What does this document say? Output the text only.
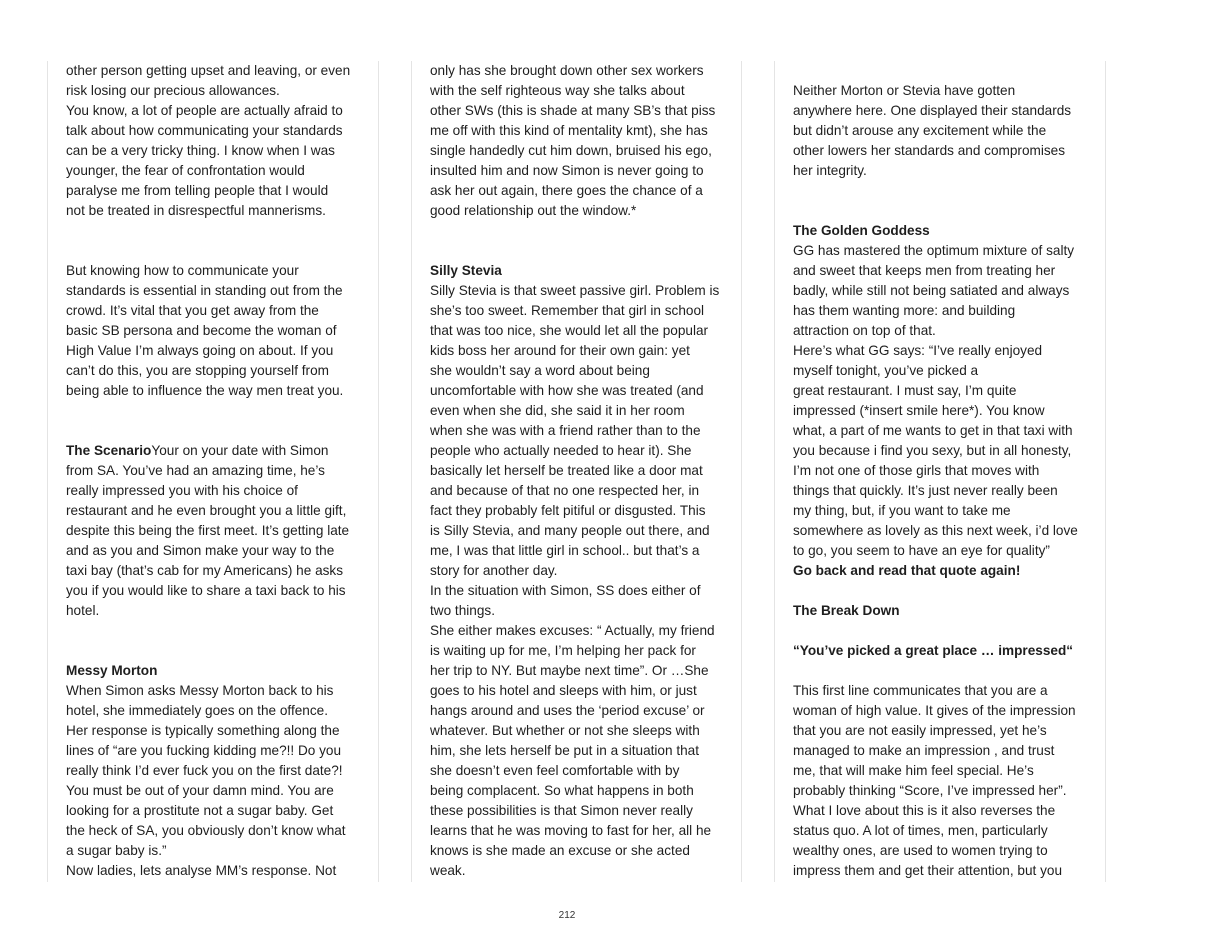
other person getting upset and leaving, or even
risk losing our precious allowances.
You know, a lot of people are actually afraid to
talk about how communicating your standards
can be a very tricky thing. I know when I was
younger, the fear of confrontation would
paralyse me from telling people that I would
not be treated in disrespectful mannerisms.
But knowing how to communicate your
standards is essential in standing out from the
crowd. It’s vital that you get away from the
basic SB persona and become the woman of
High Value I’m always going on about. If you
can’t do this, you are stopping yourself from
being able to influence the way men treat you.
The ScenarioYour on your date with Simon
from SA. You’ve had an amazing time, he’s
really impressed you with his choice of
restaurant and he even brought you a little gift,
despite this being the first meet. It’s getting late
and as you and Simon make your way to the
taxi bay (that’s cab for my Americans) he asks
you if you would like to share a taxi back to his
hotel.
Messy Morton
When Simon asks Messy Morton back to his
hotel, she immediately goes on the offence.
Her response is typically something along the
lines of “are you fucking kidding me?!! Do you
really think I’d ever fuck you on the first date?!
You must be out of your damn mind. You are
looking for a prostitute not a sugar baby. Get
the heck of SA, you obviously don’t know what
a sugar baby is.”
Now ladies, lets analyse MM’s response. Not
only has she brought down other sex workers
with the self righteous way she talks about
other SWs (this is shade at many SB’s that piss
me off with this kind of mentality kmt), she has
single handedly cut him down, bruised his ego,
insulted him and now Simon is never going to
ask her out again, there goes the chance of a
good relationship out the window.*
Silly Stevia
Silly Stevia is that sweet passive girl. Problem is
she’s too sweet. Remember that girl in school
that was too nice, she would let all the popular
kids boss her around for their own gain: yet
she wouldn’t say a word about being
uncomfortable with how she was treated (and
even when she did, she said it in her room
when she was with a friend rather than to the
people who actually needed to hear it). She
basically let herself be treated like a door mat
and because of that no one respected her, in
fact they probably felt pitiful or disgusted. This
is Silly Stevia, and many people out there, and
me, I was that little girl in school.. but that’s a
story for another day.
In the situation with Simon, SS does either of
two things.
She either makes excuses: “ Actually, my friend
is waiting up for me, I’m helping her pack for
her trip to NY. But maybe next time”. Or …She
goes to his hotel and sleeps with him, or just
hangs around and uses the ‘period excuse’ or
whatever. But whether or not she sleeps with
him, she lets herself be put in a situation that
she doesn’t even feel comfortable with by
being complacent. So what happens in both
these possibilities is that Simon never really
learns that he was moving to fast for her, all he
knows is she made an excuse or she acted
weak.
Neither Morton or Stevia have gotten
anywhere here. One displayed their standards
but didn’t arouse any excitement while the
other lowers her standards and compromises
her integrity.
The Golden Goddess
GG has mastered the optimum mixture of salty
and sweet that keeps men from treating her
badly, while still not being satiated and always
has them wanting more: and building
attraction on top of that.
Here’s what GG says: “I’ve really enjoyed
myself tonight, you’ve picked a
great restaurant. I must say, I’m quite
impressed (*insert smile here*). You know
what, a part of me wants to get in that taxi with
you because i find you sexy, but in all honesty,
I’m not one of those girls that moves with
things that quickly. It’s just never really been
my thing, but, if you want to take me
somewhere as lovely as this next week, i’d love
to go, you seem to have an eye for quality”
Go back and read that quote again!
The Break Down
“You’ve picked a great place … impressed“
This first line communicates that you are a
woman of high value. It gives of the impression
that you are not easily impressed, yet he’s
managed to make an impression , and trust
me, that will make him feel special. He’s
probably thinking “Score, I’ve impressed her”.
What I love about this is it also reverses the
status quo. A lot of times, men, particularly
wealthy ones, are used to women trying to
impress them and get their attention, but you
212
